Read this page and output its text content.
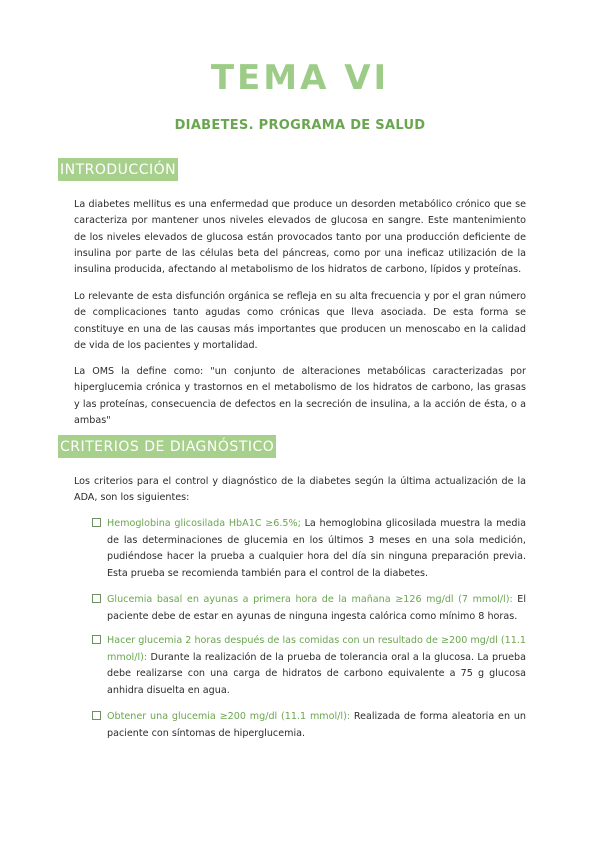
TEMA VI
DIABETES. PROGRAMA DE SALUD
INTRODUCCIÓN

La diabetes mellitus es una enfermedad que produce un desorden metabólico crónico que se caracteriza por mantener unos niveles elevados de glucosa en sangre. Este mantenimiento de los niveles elevados de glucosa están provocados tanto por una producción deficiente de insulina por parte de las células beta del páncreas, como por una ineficaz utilización de la insulina producida, afectando al metabolismo de los hidratos de carbono, lípidos y proteínas.

Lo relevante de esta disfunción orgánica se refleja en su alta frecuencia y por el gran número de complicaciones tanto agudas como crónicas que lleva asociada. De esta forma se constituye en una de las causas más importantes que producen un menoscabo en la calidad de vida de los pacientes y mortalidad.

La OMS la define como: "un conjunto de alteraciones metabólicas caracterizadas por hiperglucemia crónica y trastornos en el metabolismo de los hidratos de carbono, las grasas y las proteínas, consecuencia de defectos en la secreción de insulina, a la acción de ésta, o a ambas"

CRITERIOS DE DIAGNÓSTICO

Los criterios para el control y diagnóstico de la diabetes según la última actualización de la ADA, son los siguientes:

Hemoglobina glicosilada HbA1C ≥6.5%; La hemoglobina glicosilada muestra la media de las determinaciones de glucemia en los últimos 3 meses en una sola medición, pudiéndose hacer la prueba a cualquier hora del día sin ninguna preparación previa. Esta prueba se recomienda también para el control de la diabetes.

Glucemia basal en ayunas a primera hora de la mañana ≥126 mg/dl (7 mmol/l): El paciente debe de estar en ayunas de ninguna ingesta calórica como mínimo 8 horas.

Hacer glucemia 2 horas después de las comidas con un resultado de ≥200 mg/dl (11.1 mmol/l): Durante la realización de la prueba de tolerancia oral a la glucosa. La prueba debe realizarse con una carga de hidratos de carbono equivalente a 75 g glucosa anhidra disuelta en agua.

Obtener una glucemia ≥200 mg/dl (11.1 mmol/l): Realizada de forma aleatoria en un paciente con síntomas de hiperglucemia.
